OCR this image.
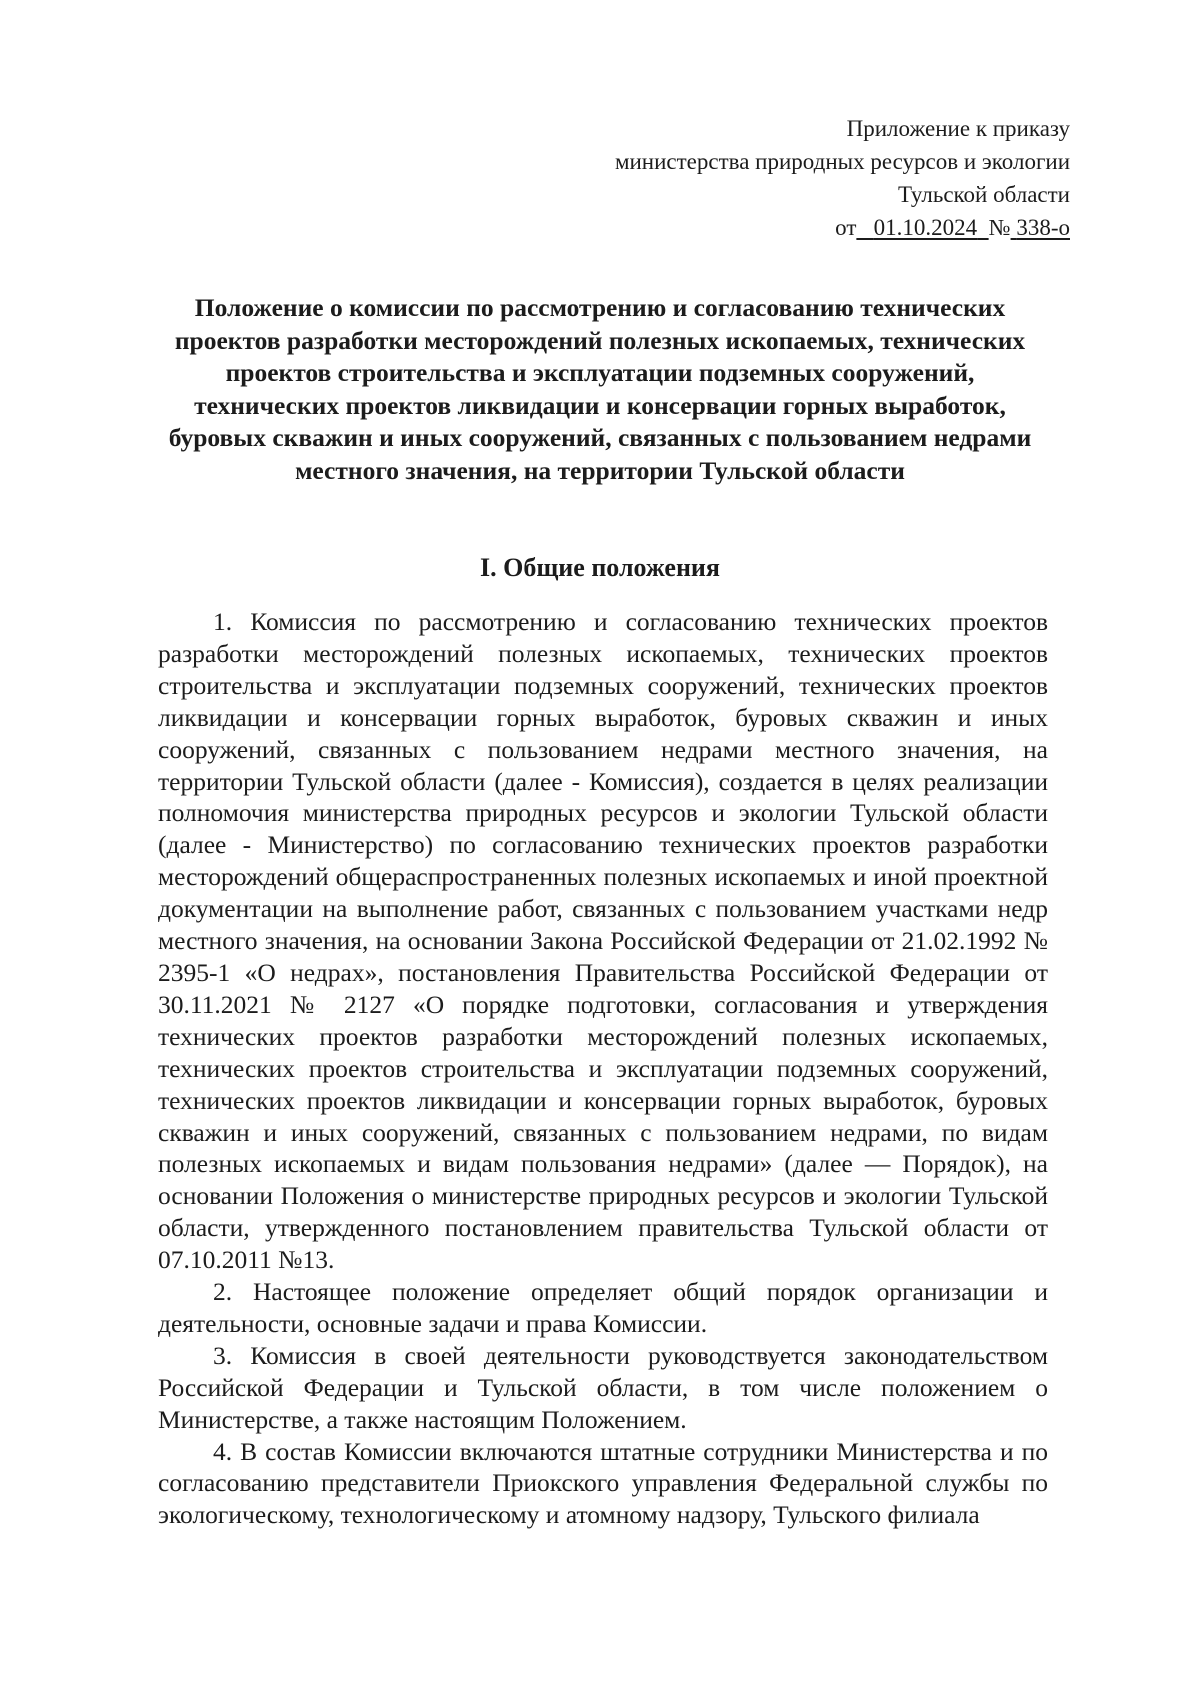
Приложение к приказу
министерства природных ресурсов и экологии
Тульской области
от 01.10.2024 № 338-о
Положение о комиссии по рассмотрению и согласованию технических проектов разработки месторождений полезных ископаемых, технических проектов строительства и эксплуатации подземных сооружений, технических проектов ликвидации и консервации горных выработок, буровых скважин и иных сооружений, связанных с пользованием недрами местного значения, на территории Тульской области
I. Общие положения

1. Комиссия по рассмотрению и согласованию технических проектов разработки месторождений полезных ископаемых, технических проектов строительства и эксплуатации подземных сооружений, технических проектов ликвидации и консервации горных выработок, буровых скважин и иных сооружений, связанных с пользованием недрами местного значения, на территории Тульской области (далее - Комиссия), создается в целях реализации полномочия министерства природных ресурсов и экологии Тульской области (далее - Министерство) по согласованию технических проектов разработки месторождений общераспространенных полезных ископаемых и иной проектной документации на выполнение работ, связанных с пользованием участками недр местного значения, на основании Закона Российской Федерации от 21.02.1992 № 2395-1 «О недрах», постановления Правительства Российской Федерации от 30.11.2021 № 2127 «О порядке подготовки, согласования и утверждения технических проектов разработки месторождений полезных ископаемых, технических проектов строительства и эксплуатации подземных сооружений, технических проектов ликвидации и консервации горных выработок, буровых скважин и иных сооружений, связанных с пользованием недрами, по видам полезных ископаемых и видам пользования недрами» (далее — Порядок), на основании Положения о министерстве природных ресурсов и экологии Тульской области, утвержденного постановлением правительства Тульской области от 07.10.2011 №13.

2. Настоящее положение определяет общий порядок организации и деятельности, основные задачи и права Комиссии.

3. Комиссия в своей деятельности руководствуется законодательством Российской Федерации и Тульской области, в том числе положением о Министерстве, а также настоящим Положением.

4. В состав Комиссии включаются штатные сотрудники Министерства и по согласованию представители Приокского управления Федеральной службы по экологическому, технологическому и атомному надзору, Тульского филиала
